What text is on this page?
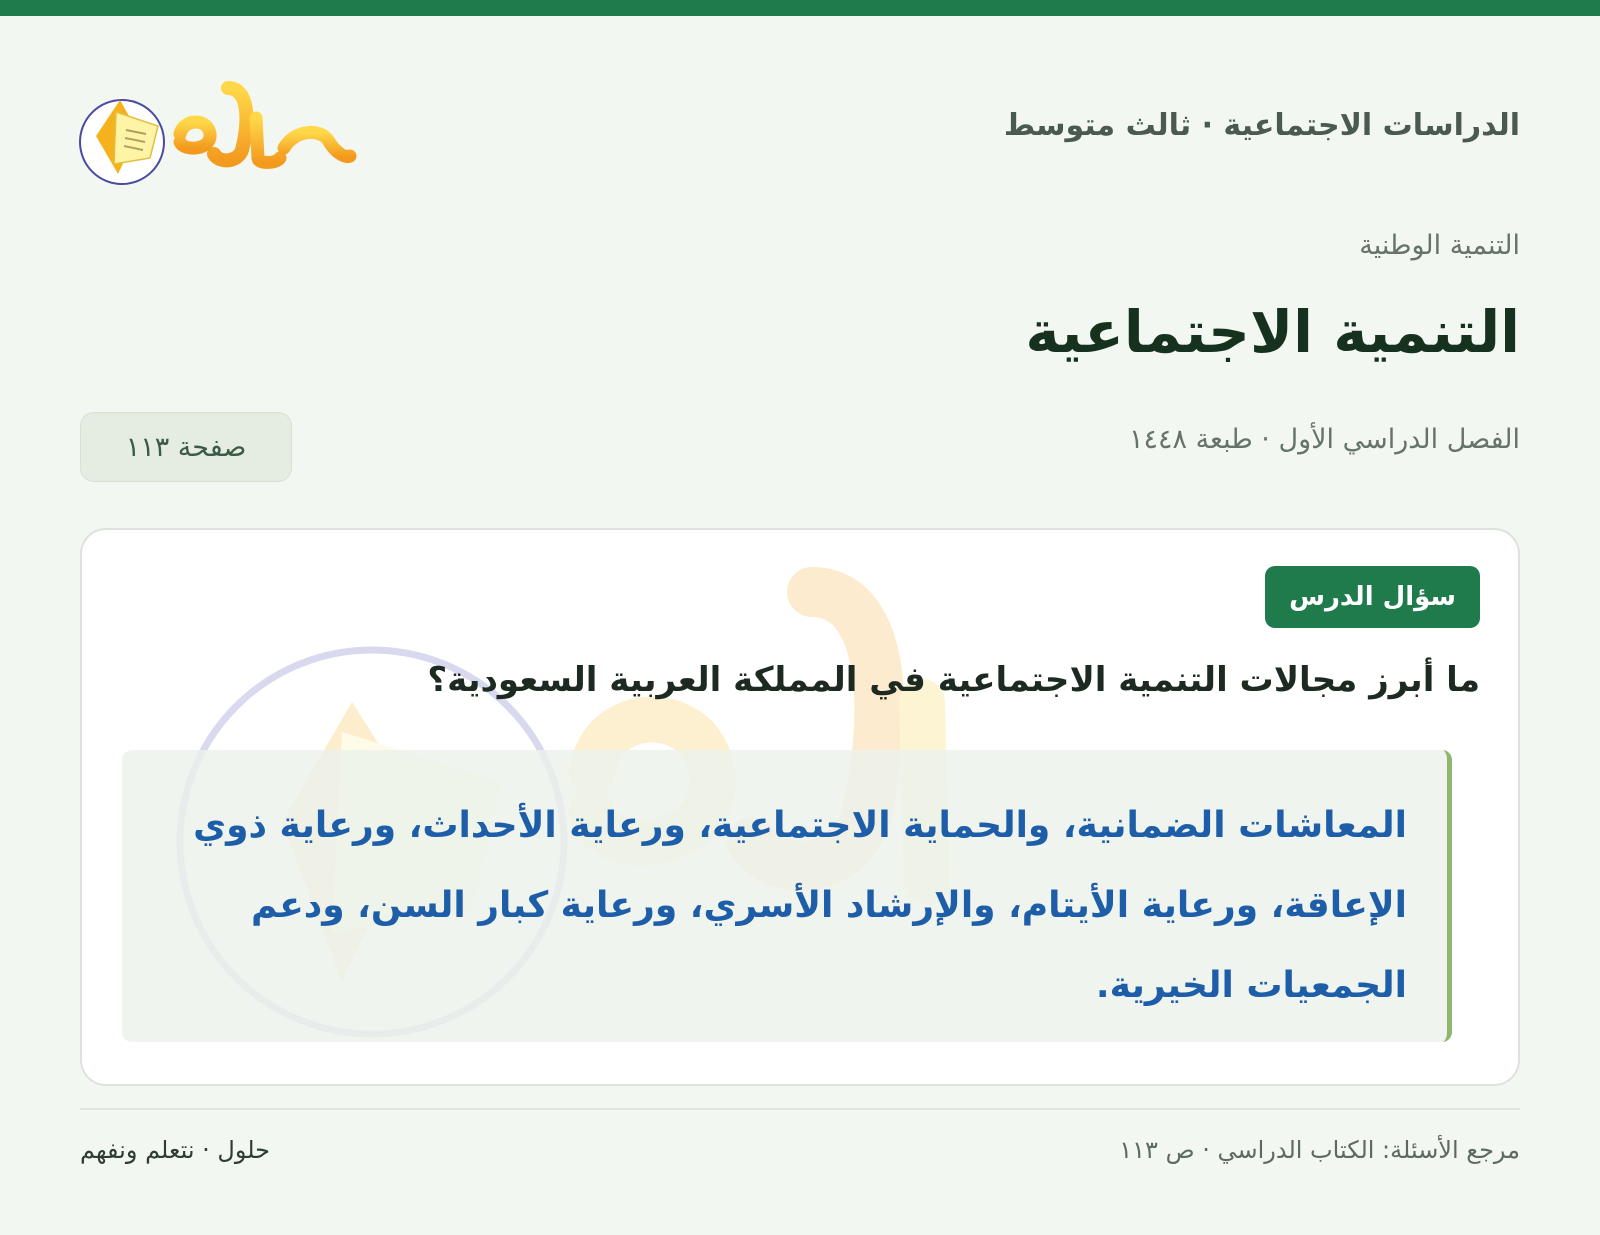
الدراسات الاجتماعية · ثالث متوسط
حلول
التنمية الوطنية
التنمية الاجتماعية
الفصل الدراسي الأول · طبعة ١٤٤٨
صفحة ١١٣
سؤال الدرس
ما أبرز مجالات التنمية الاجتماعية في المملكة العربية السعودية؟
المعاشات الضمانية، والحماية الاجتماعية، ورعاية الأحداث، ورعاية ذوي الإعاقة، ورعاية الأيتام، والإرشاد الأسري، ورعاية كبار السن، ودعم الجمعيات الخيرية.
مرجع الأسئلة: الكتاب الدراسي · ص ١١٣
حلول · نتعلم ونفهم
